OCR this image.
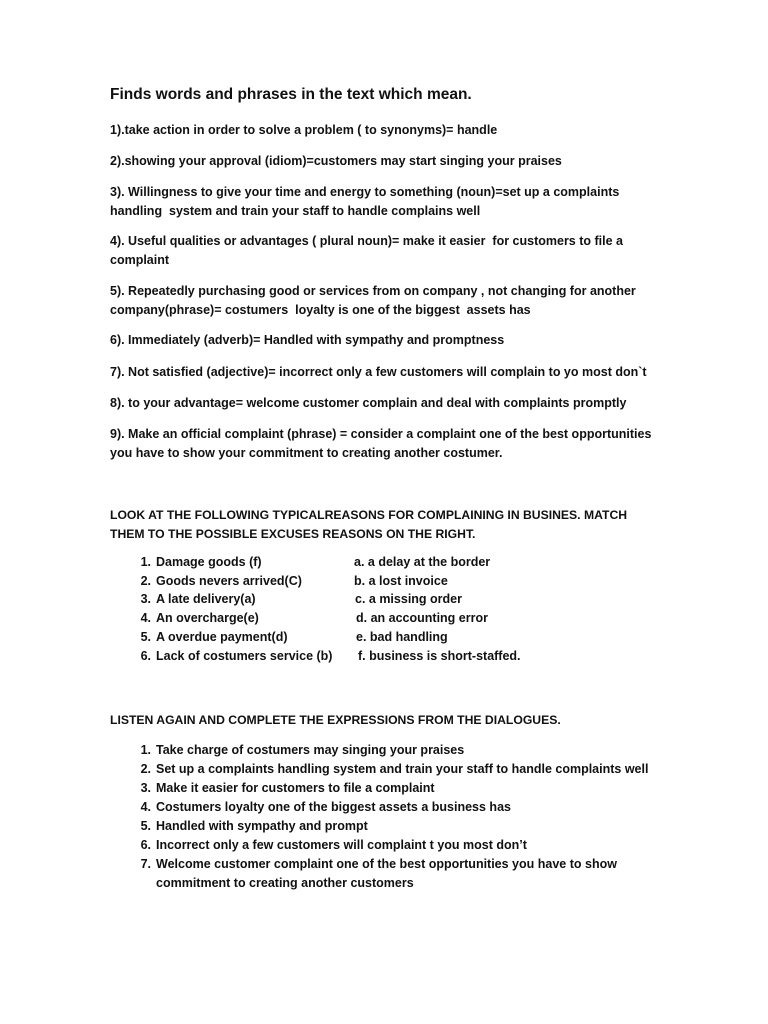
Finds words and phrases in the text which mean.

1).take action in order to solve a problem ( to synonyms)= handle

2).showing your approval (idiom)=customers may start singing your praises

3). Willingness to give your time and energy to something (noun)=set up a complaints handling  system and train your staff to handle complains well

4). Useful qualities or advantages ( plural noun)= make it easier  for customers to file a complaint

5). Repeatedly purchasing good or services from on company , not changing for another company(phrase)= costumers  loyalty is one of the biggest  assets has

6). Immediately (adverb)= Handled with sympathy and promptness

7). Not satisfied (adjective)= incorrect only a few customers will complain to yo most don`t

8). to your advantage= welcome customer complain and deal with complaints promptly

9). Make an official complaint (phrase) = consider a complaint one of the best opportunities you have to show your commitment to creating another costumer.

LOOK AT THE FOLLOWING TYPICALREASONS FOR COMPLAINING IN BUSINES. MATCH THEM TO THE POSSIBLE EXCUSES REASONS ON THE RIGHT.

1. Damage goods (f)	a. a delay at the border
2. Goods nevers arrived(C)	b. a lost invoice
3. A late delivery(a)	c. a missing order
4. An overcharge(e)	d. an accounting error
5. A overdue payment(d)	e. bad handling
6. Lack of costumers service (b) f. business is short-staffed.

LISTEN AGAIN AND COMPLETE THE EXPRESSIONS FROM THE DIALOGUES.

1. Take charge of costumers may singing your praises

2. Set up a complaints handling system and train your staff to handle complaints well

3. Make it easier for customers to file a complaint

4. Costumers loyalty one of the biggest assets a business has

5. Handled with sympathy and prompt

6. Incorrect only a few customers will complaint t you most don’t

7. Welcome customer complaint one of the best opportunities you have to show commitment to creating another customers
